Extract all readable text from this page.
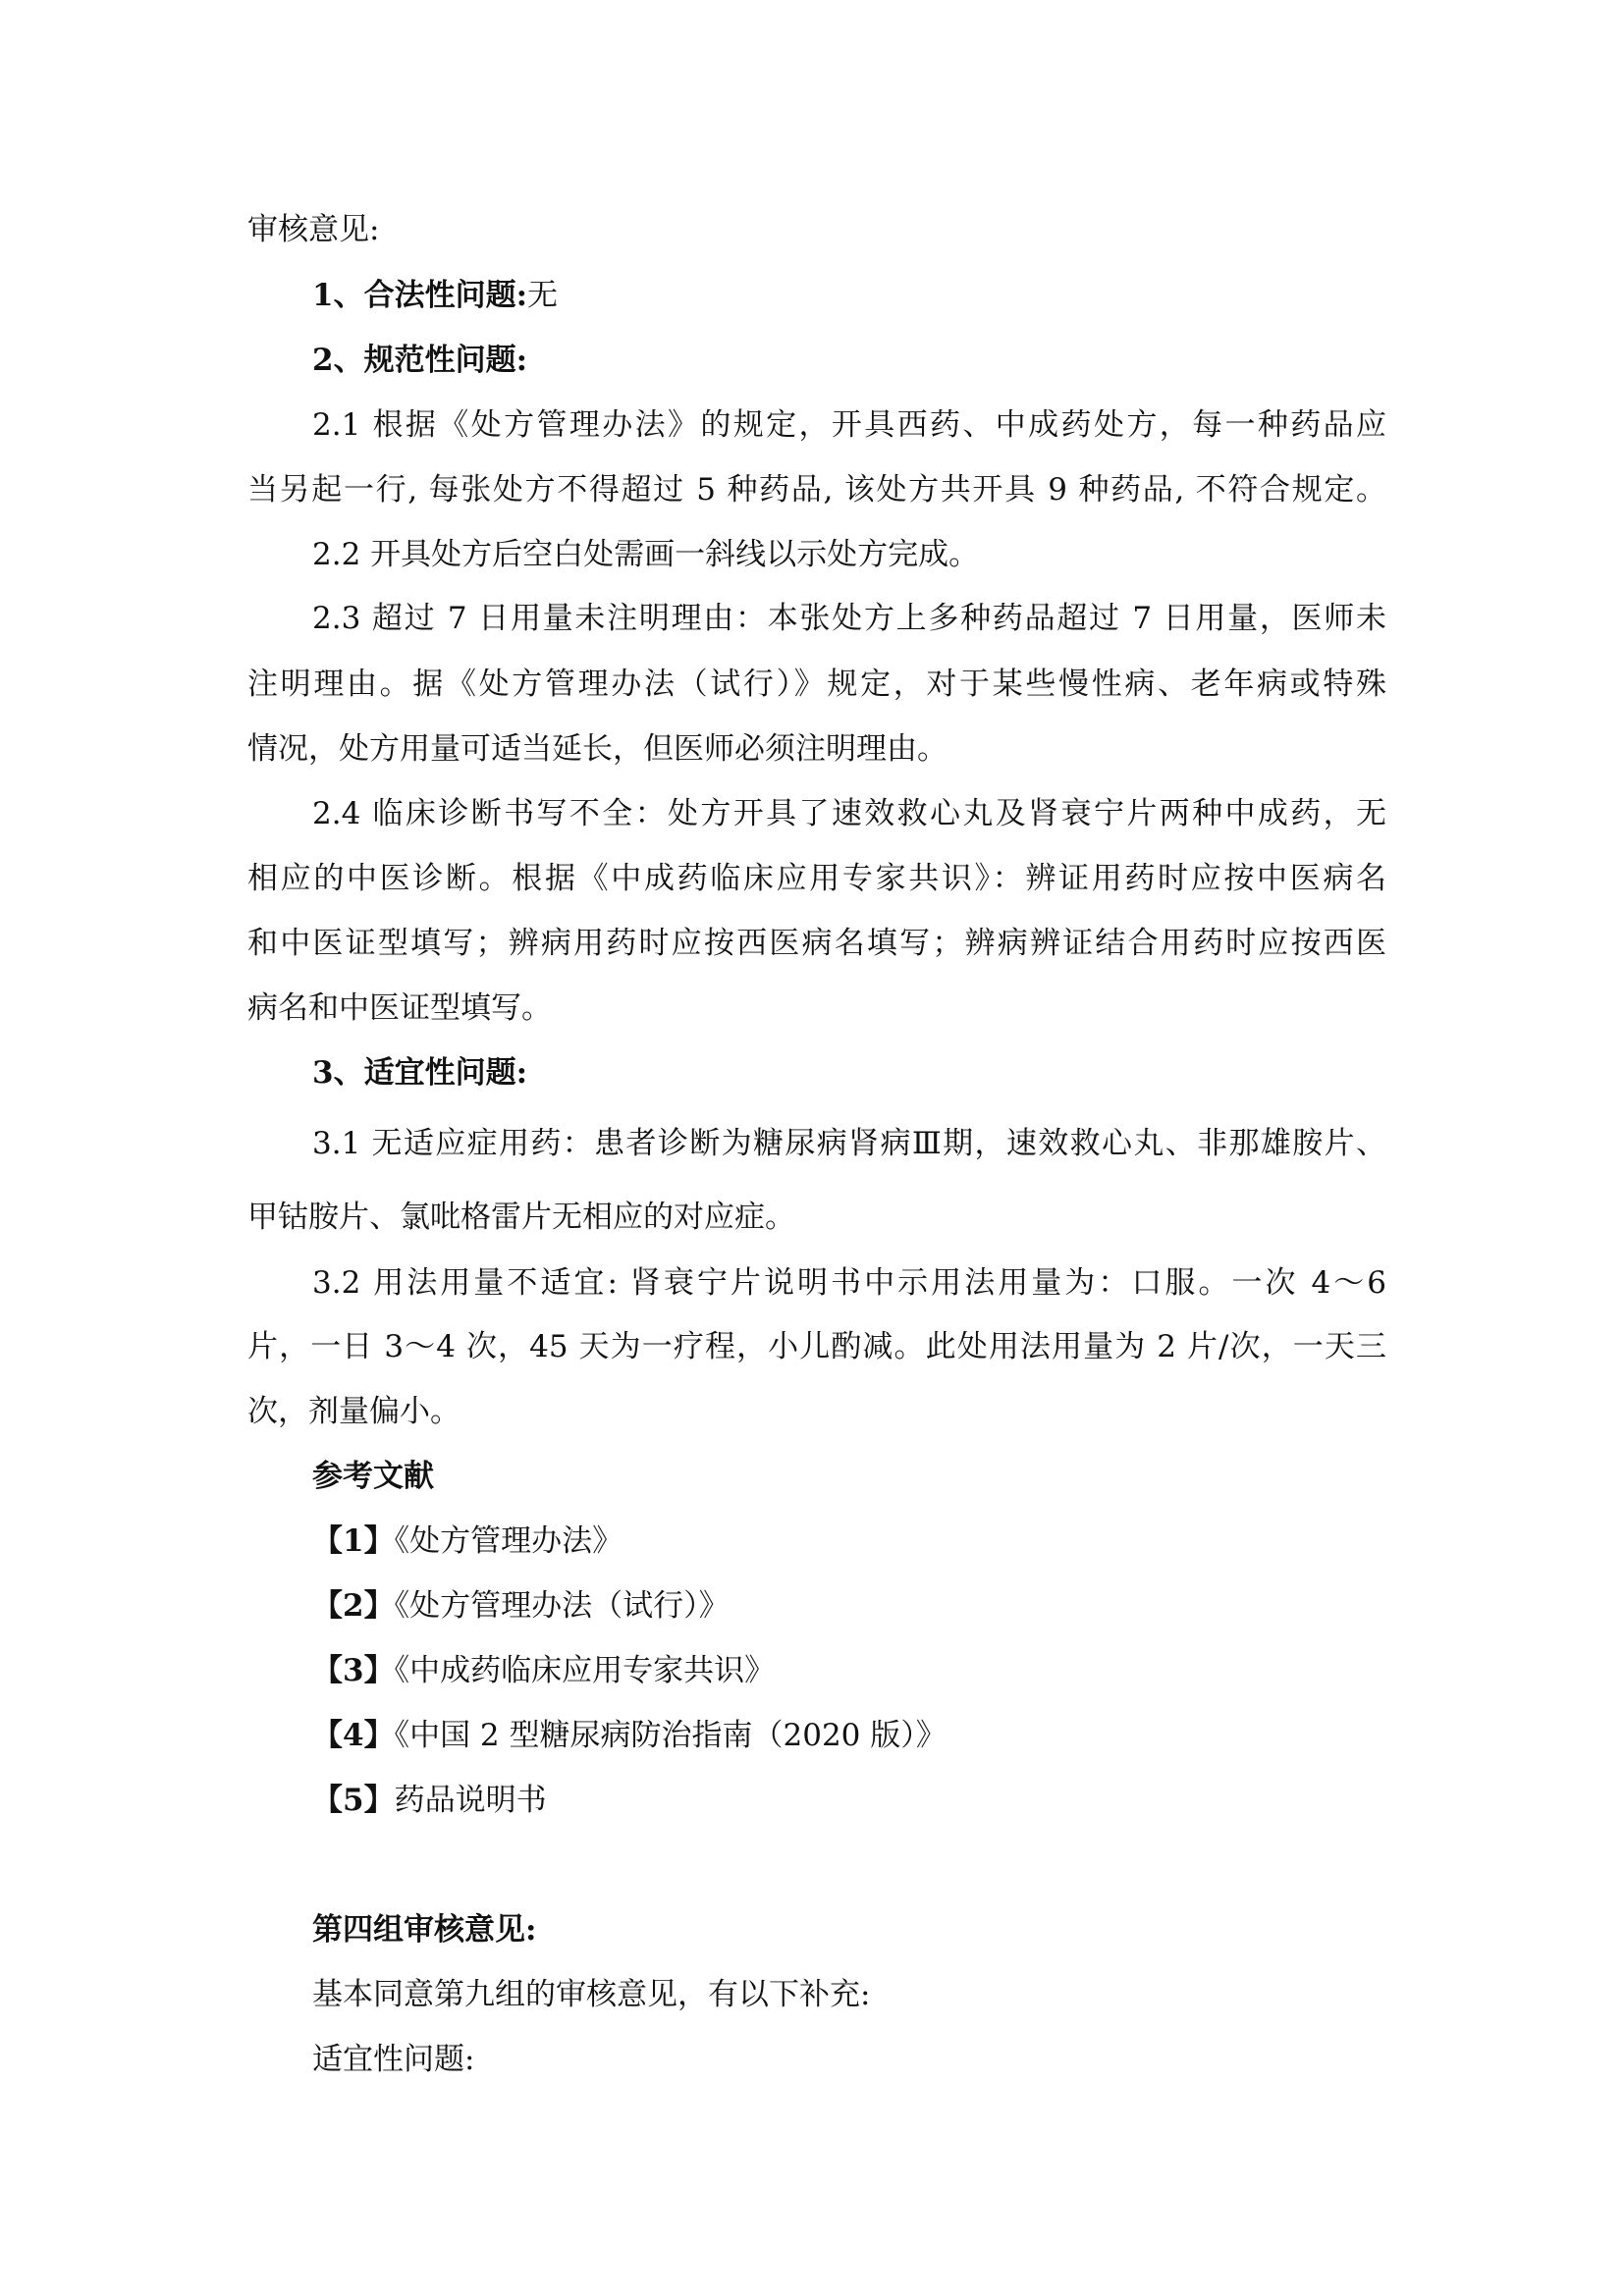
审核意见:
1、合法性问题:无
2、规范性问题:
2.1 根据《处方管理办法》的规定，开具西药、中成药处方，每一种药品应
当另起一行, 每张处方不得超过 5 种药品, 该处方共开具 9 种药品, 不符合规定。
2.2 开具处方后空白处需画一斜线以示处方完成。
2.3 超过 7 日用量未注明理由：本张处方上多种药品超过 7 日用量，医师未
注明理由。据《处方管理办法（试行）》规定，对于某些慢性病、老年病或特殊
情况，处方用量可适当延长，但医师必须注明理由。
2.4 临床诊断书写不全：处方开具了速效救心丸及肾衰宁片两种中成药，无
相应的中医诊断。根据《中成药临床应用专家共识》：辨证用药时应按中医病名
和中医证型填写；辨病用药时应按西医病名填写；辨病辨证结合用药时应按西医
病名和中医证型填写。
3、适宜性问题:
3.1 无适应症用药：患者诊断为糖尿病肾病Ⅲ期，速效救心丸、非那雄胺片、
甲钴胺片、氯吡格雷片无相应的对应症。
3.2 用法用量不适宜: 肾衰宁片说明书中示用法用量为：口服。一次 4～6
片，一日 3～4 次，45 天为一疗程，小儿酌减。此处用法用量为 2 片/次，一天三
次，剂量偏小。
参考文献
【1】《处方管理办法》
【2】《处方管理办法（试行）》
【3】《中成药临床应用专家共识》
【4】《中国 2 型糖尿病防治指南（2020 版）》
【5】药品说明书
第四组审核意见:
基本同意第九组的审核意见，有以下补充:
适宜性问题:
